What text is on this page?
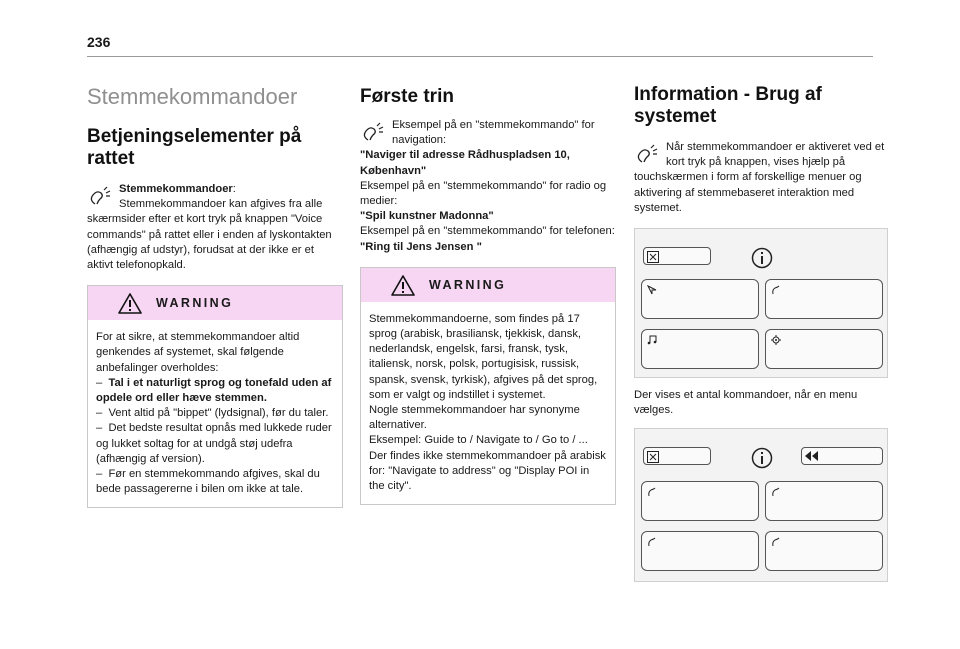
236
Stemmekommandoer
Betjeningselementer på rattet
Stemmekommandoer: Stemmekommandoer kan afgives fra alle skærmsider efter et kort tryk på knappen "Voice commands" på rattet eller i enden af lyskontakten (afhængig af udstyr), forudsat at der ikke er et aktivt telefonopkald.
WARNING
For at sikre, at stemmekommandoer altid genkendes af systemet, skal følgende anbefalinger overholdes:
– Tal i et naturligt sprog og tonefald uden af opdele ord eller hæve stemmen.
– Vent altid på "bippet" (lydsignal), før du taler.
– Det bedste resultat opnås med lukkede ruder og lukket soltag for at undgå støj udefra (afhængig af version).
– Før en stemmekommando afgives, skal du bede passagererne i bilen om ikke at tale.
Første trin
Eksempel på en "stemmekommando" for navigation:
"Naviger til adresse Rådhuspladsen 10, København"
Eksempel på en "stemmekommando" for radio og medier:
"Spil kunstner Madonna"
Eksempel på en "stemmekommando" for telefonen:
"Ring til Jens Jensen "
WARNING
Stemmekommandoerne, som findes på 17 sprog (arabisk, brasiliansk, tjekkisk, dansk, nederlandsk, engelsk, farsi, fransk, tysk, italiensk, norsk, polsk, portugisisk, russisk, spansk, svensk, tyrkisk), afgives på det sprog, som er valgt og indstillet i systemet.
Nogle stemmekommandoer har synonyme alternativer.
Eksempel: Guide to / Navigate to / Go to / ...
Der findes ikke stemmekommandoer på arabisk for: "Navigate to address" og "Display POI in the city".
Information - Brug af systemet
Når stemmekommandoer er aktiveret ved et kort tryk på knappen, vises hjælp på touchskærmen i form af forskellige menuer og aktivering af stemmebaseret interaktion med systemet.
Der vises et antal kommandoer, når en menu vælges.
